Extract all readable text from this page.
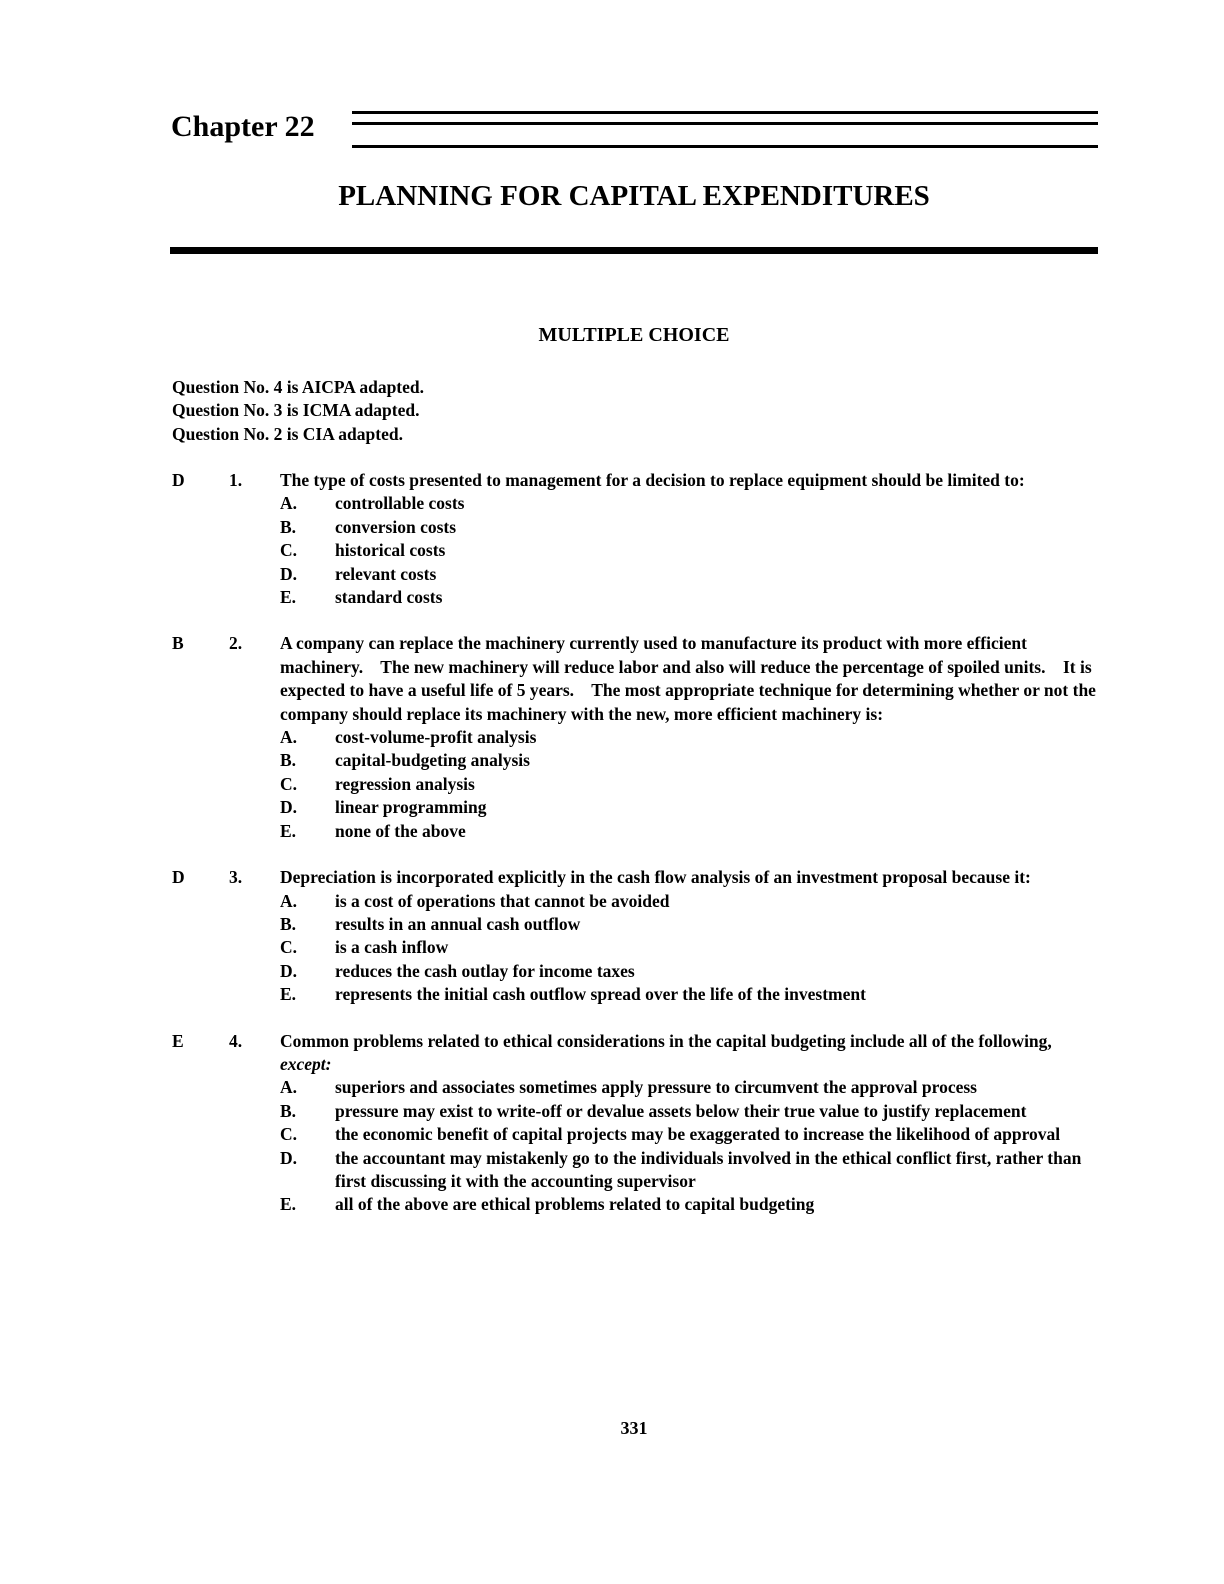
Chapter 22
PLANNING FOR CAPITAL EXPENDITURES
MULTIPLE CHOICE
Question No. 4 is AICPA adapted.
Question No. 3 is ICMA adapted.
Question No. 2 is CIA adapted.
D	1. The type of costs presented to management for a decision to replace equipment should be limited to:
A. controllable costs
B. conversion costs
C. historical costs
D. relevant costs
E. standard costs
B	2. A company can replace the machinery currently used to manufacture its product with more efficient machinery.    The new machinery will reduce labor and also will reduce the percentage of spoiled units.    It is expected to have a useful life of 5 years.    The most appropriate technique for determining whether or not the company should replace its machinery with the new, more efficient machinery is:
A. cost-volume-profit analysis
B. capital-budgeting analysis
C. regression analysis
D. linear programming
E. none of the above
D	3. Depreciation is incorporated explicitly in the cash flow analysis of an investment proposal because it:
A. is a cost of operations that cannot be avoided
B. results in an annual cash outflow
C. is a cash inflow
D. reduces the cash outlay for income taxes
E. represents the initial cash outflow spread over the life of the investment
E	4. Common problems related to ethical considerations in the capital budgeting include all of the following, except:
A. superiors and associates sometimes apply pressure to circumvent the approval process
B. pressure may exist to write-off or devalue assets below their true value to justify replacement
C. the economic benefit of capital projects may be exaggerated to increase the likelihood of approval
D. the accountant may mistakenly go to the individuals involved in the ethical conflict first, rather than first discussing it with the accounting supervisor
E. all of the above are ethical problems related to capital budgeting
331
